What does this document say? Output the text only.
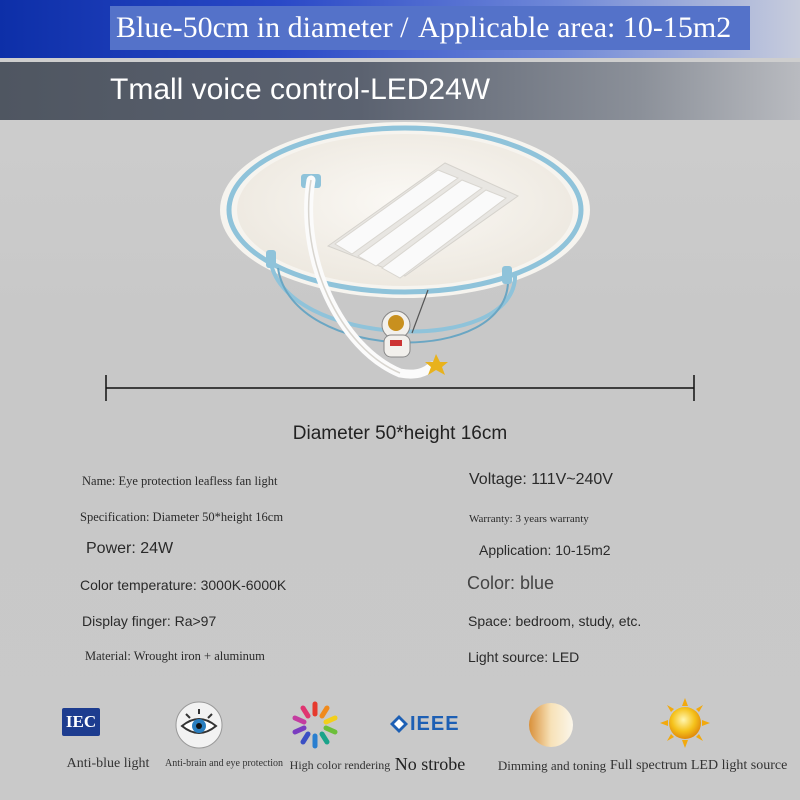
Blue-50cm in diameter / Applicable area: 10-15m2
Tmall voice control-LED24W
Diameter 50*height 16cm
Name: Eye protection leafless fan light	Voltage: 111V~240V
Specification: Diameter 50*height 16cm	Warranty: 3 years warranty
Power: 24W	Application: 10-15m2
Color temperature: 3000K-6000K	Color: blue
Display finger: Ra>97	Space: bedroom, study, etc.
Material: Wrought iron + aluminum	Light source: LED
IEC
Anti-blue light	Anti-brain and eye protection High color rendering
IEEE
No strobe	Dimming and toning Full spectrum LED light source
